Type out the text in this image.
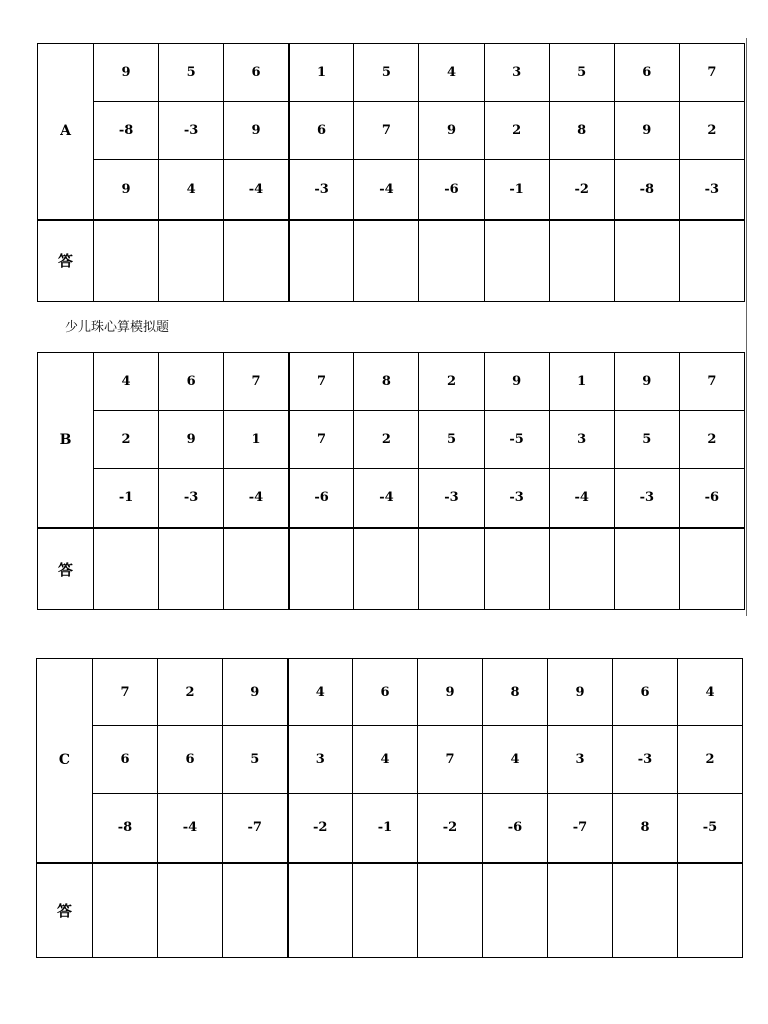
A	9	5	6	1	5	4	3	5	6	7
	-8	-3	9	6	7	9	2	8	9	2
	9	4	-4	-3	-4	-6	-1	-2	-8	-3
答										
少儿珠心算模拟题
B	4	6	7	7	8	2	9	1	9	7
	2	9	1	7	2	5	-5	3	5	2
	-1	-3	-4	-6	-4	-3	-3	-4	-3	-6
答										
C	7	2	9	4	6	9	8	9	6	4
	6	6	5	3	4	7	4	3	-3	2
	-8	-4	-7	-2	-1	-2	-6	-7	8	-5
答										
